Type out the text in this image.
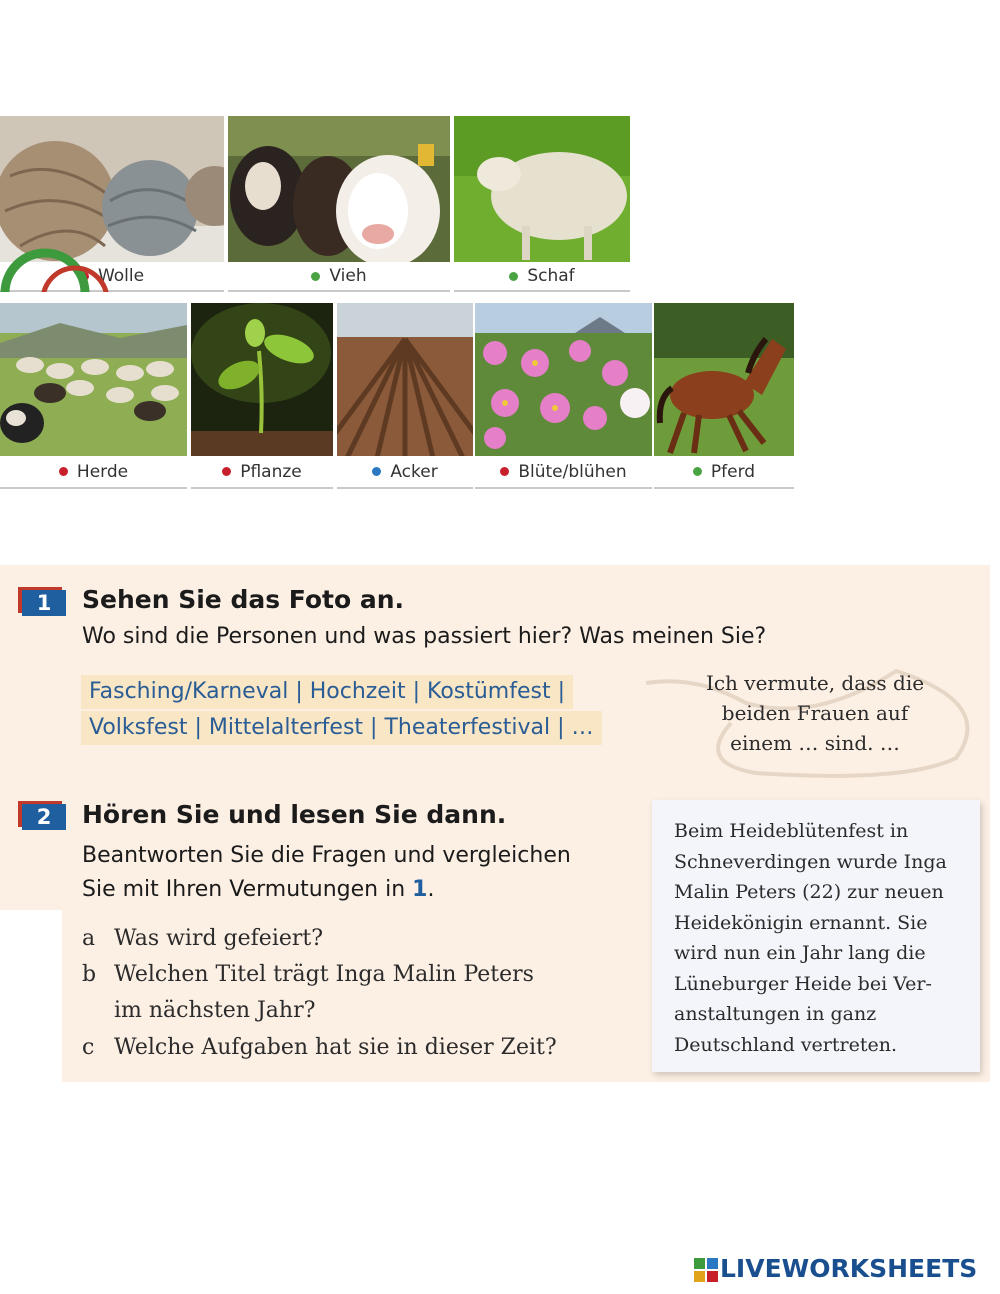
Wolle	Vieh	Schaf
Herde	Pflanze	Acker	Blüte/blühen	Pferd
1	Sehen Sie das Foto an.
Wo sind die Personen und was passiert hier? Was meinen Sie?
Fasching/Karneval | Hochzeit | Kostümfest |
Volksfest | Mittelalterfest | Theaterfestival | …
Ich vermute, dass die
beiden Frauen auf
einem … sind. …
2	Hören Sie und lesen Sie dann.
Beantworten Sie die Fragen und vergleichen
Sie mit Ihren Vermutungen in 1.
a Was wird gefeiert?
b Welchen Titel trägt Inga Malin Peters
im nächsten Jahr?
c Welche Aufgaben hat sie in dieser Zeit?
Beim Heideblütenfest in
Schneverdingen wurde Inga
Malin Peters (22) zur neuen
Heidekönigin ernannt. Sie
wird nun ein Jahr lang die
Lüneburger Heide bei Ver-
anstaltungen in ganz
Deutschland vertreten.
LIVEWORKSHEETS
